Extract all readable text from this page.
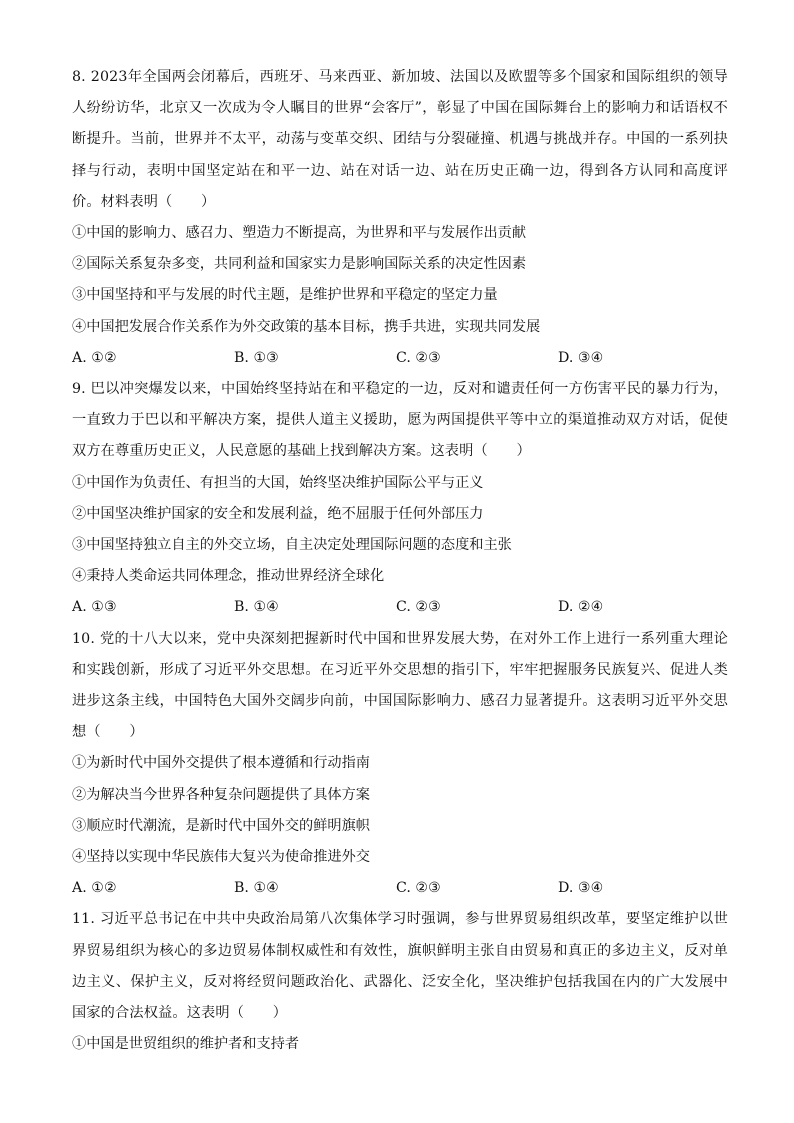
8. 2023年全国两会闭幕后，西班牙、马来西亚、新加坡、法国以及欧盟等多个国家和国际组织的领导人纷纷访华，北京又一次成为令人瞩目的世界“会客厅”，彰显了中国在国际舞台上的影响力和话语权不断提升。当前，世界并不太平，动荡与变革交织、团结与分裂碰撞、机遇与挑战并存。中国的一系列抉择与行动，表明中国坚定站在和平一边、站在对话一边、站在历史正确一边，得到各方认同和高度评价。材料表明（　　）

①中国的影响力、感召力、塑造力不断提高，为世界和平与发展作出贡献

②国际关系复杂多变，共同利益和国家实力是影响国际关系的决定性因素

③中国坚持和平与发展的时代主题，是维护世界和平稳定的坚定力量

④中国把发展合作关系作为外交政策的基本目标，携手共进，实现共同发展

A. ①②	B. ①③	C. ②③	D. ③④

9. 巴以冲突爆发以来，中国始终坚持站在和平稳定的一边，反对和谴责任何一方伤害平民的暴力行为，一直致力于巴以和平解决方案，提供人道主义援助，愿为两国提供平等中立的渠道推动双方对话，促使双方在尊重历史正义，人民意愿的基础上找到解决方案。这表明（　　）

①中国作为负责任、有担当的大国，始终坚决维护国际公平与正义

②中国坚决维护国家的安全和发展利益，绝不屈服于任何外部压力

③中国坚持独立自主的外交立场，自主决定处理国际问题的态度和主张

④秉持人类命运共同体理念，推动世界经济全球化

A. ①③	B. ①④	C. ②③	D. ②④

10. 党的十八大以来，党中央深刻把握新时代中国和世界发展大势，在对外工作上进行一系列重大理论和实践创新，形成了习近平外交思想。在习近平外交思想的指引下，牢牢把握服务民族复兴、促进人类进步这条主线，中国特色大国外交阔步向前，中国国际影响力、感召力显著提升。这表明习近平外交思想（　　）

①为新时代中国外交提供了根本遵循和行动指南

②为解决当今世界各种复杂问题提供了具体方案

③顺应时代潮流，是新时代中国外交的鲜明旗帜

④坚持以实现中华民族伟大复兴为使命推进外交

A. ①②	B. ①④	C. ②③	D. ③④

11. 习近平总书记在中共中央政治局第八次集体学习时强调，参与世界贸易组织改革，要坚定维护以世界贸易组织为核心的多边贸易体制权威性和有效性，旗帜鲜明主张自由贸易和真正的多边主义，反对单边主义、保护主义，反对将经贸问题政治化、武器化、泛安全化，坚决维护包括我国在内的广大发展中国家的合法权益。这表明（　　）

①中国是世贸组织的维护者和支持者
